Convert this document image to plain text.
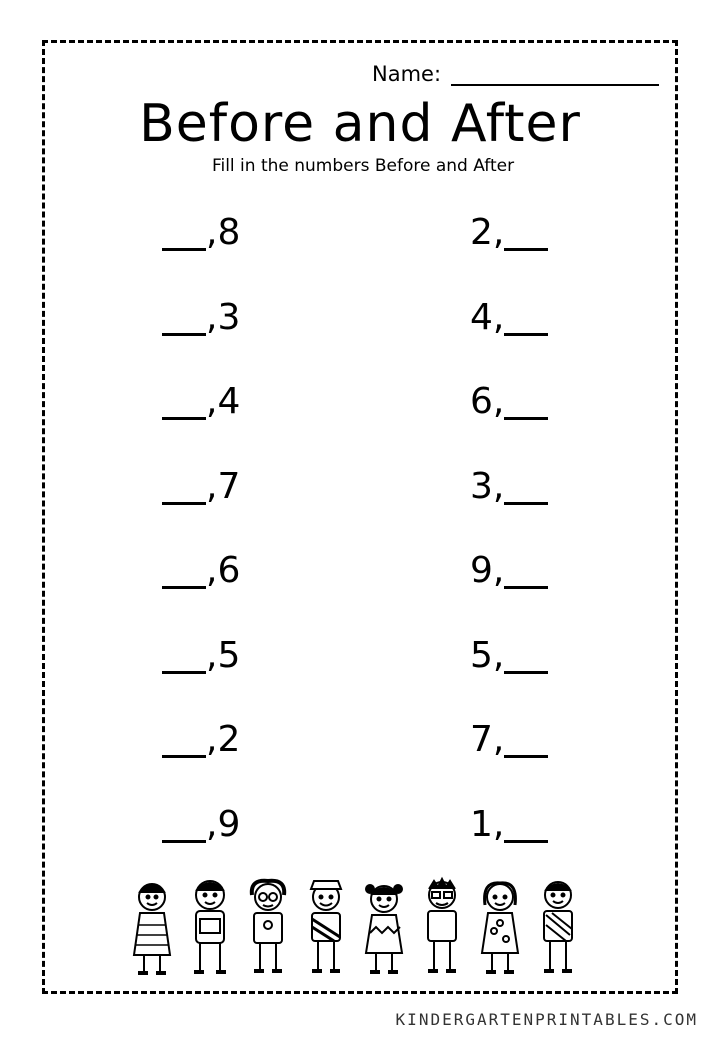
Name:
Before and After
Fill in the numbers Before and After
, 8
, 3
, 4
, 7
, 6
, 5
, 2
, 9
2 ,
4 ,
6 ,
3 ,
9 ,
5 ,
7 ,
1 ,
KINDERGARTENPRINTABLES.COM
